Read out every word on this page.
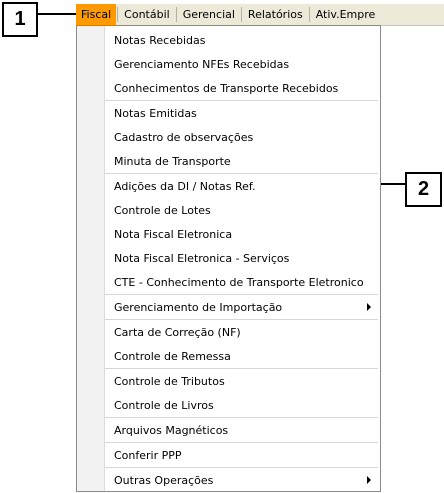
1
2
Fiscal	Contábil	Gerencial	Relatórios	Ativ.Empre
Notas Recebidas
Gerenciamento NFEs Recebidas
Conhecimentos de Transporte Recebidos
Notas Emitidas
Cadastro de observações
Minuta de Transporte
Adições da DI / Notas Ref.
Controle de Lotes
Nota Fiscal Eletronica
Nota Fiscal Eletronica - Serviços
CTE - Conhecimento de Transporte Eletronico
Gerenciamento de Importação
Carta de Correção (NF)
Controle de Remessa
Controle de Tributos
Controle de Livros
Arquivos Magnéticos
Conferir PPP
Outras Operações
